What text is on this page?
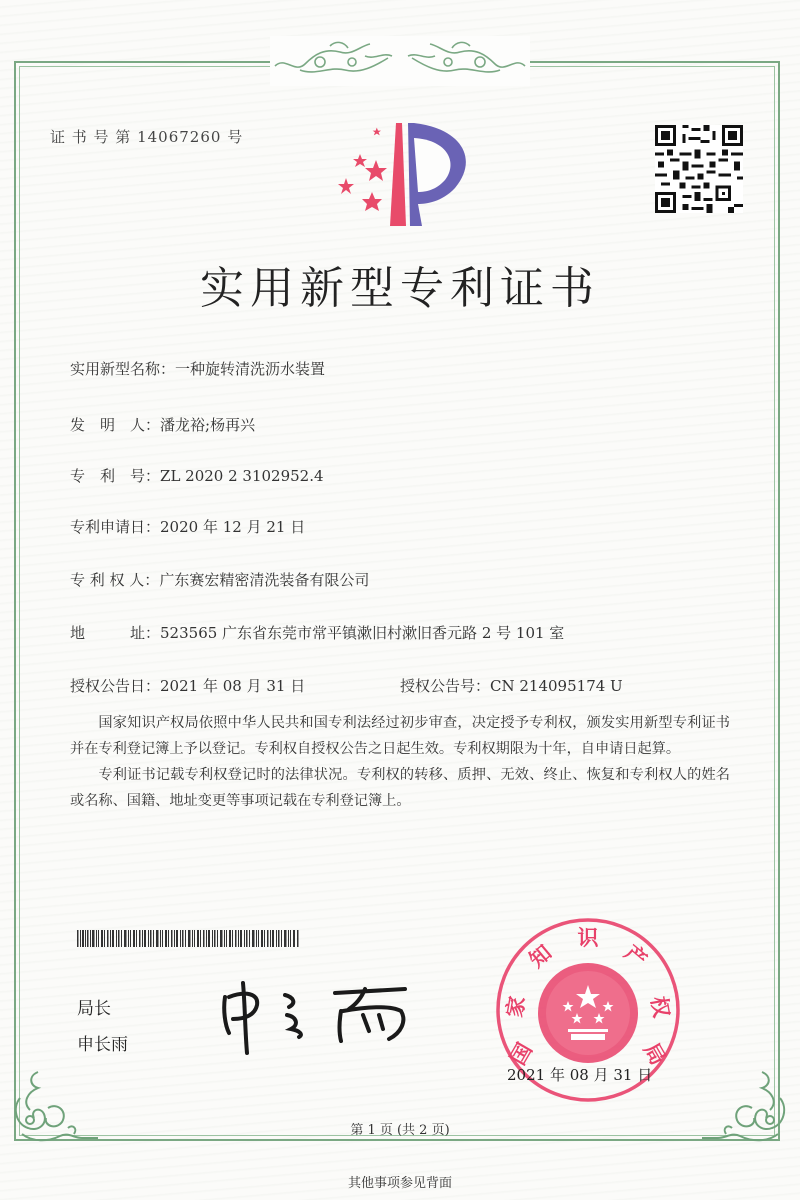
证 书 号 第 14067260 号
实用新型专利证书
实用新型名称：一种旋转清洗沥水装置
发　明　人：潘龙裕;杨再兴
专　利　号：ZL 2020 2 3102952.4
专利申请日：2020 年 12 月 21 日
专 利 权 人：广东赛宏精密清洗装备有限公司
地　　　址：523565 广东省东莞市常平镇漱旧村漱旧香元路 2 号 101 室
授权公告日：2021 年 08 月 31 日	授权公告号：CN 214095174 U

国家知识产权局依照中华人民共和国专利法经过初步审查，决定授予专利权，颁发实用新型专利证书并在专利登记簿上予以登记。专利权自授权公告之日起生效。专利权期限为十年，自申请日起算。

专利证书记载专利权登记时的法律状况。专利权的转移、质押、无效、终止、恢复和专利权人的姓名或名称、国籍、地址变更等事项记载在专利登记簿上。

局长
申长雨	国
家
知
识
产
权
局
2021 年 08 月 31 日
第 1 页 (共 2 页)
其他事项参见背面
